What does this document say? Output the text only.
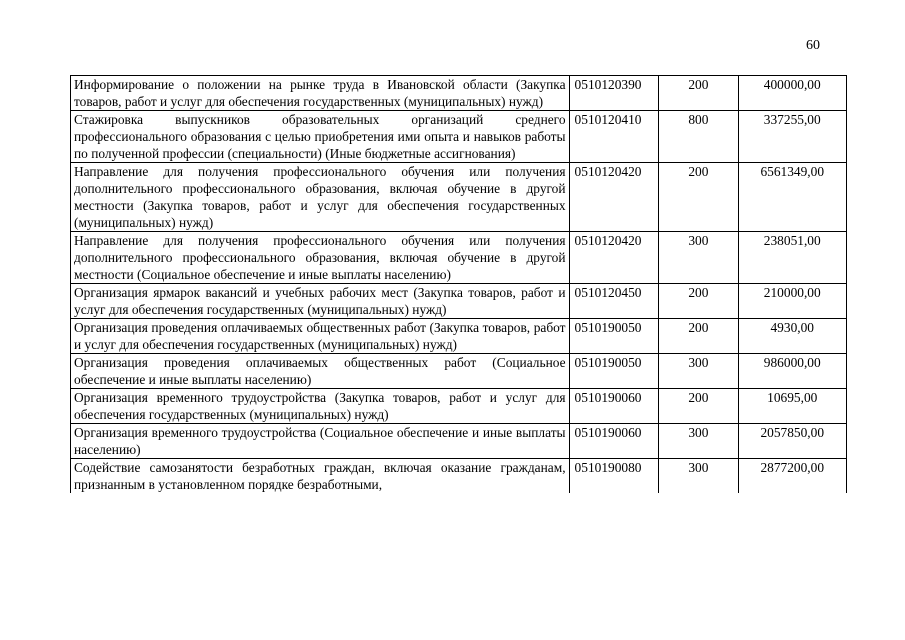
60
Информирование о положении на рынке труда в Ивановской области (Закупка товаров, работ и услуг для обеспечения государственных (муниципальных) нужд)	0510120390	200	400000,00
Стажировка выпускников образовательных организаций среднего профессионального образования с целью приобретения ими опыта и навыков работы по полученной профессии (специальности) (Иные бюджетные ассигнования)	0510120410	800	337255,00
Направление для получения профессионального обучения или получения дополнительного профессионального образования, включая обучение в другой местности (Закупка товаров, работ и услуг для обеспечения государственных (муниципальных) нужд)	0510120420	200	6561349,00
Направление для получения профессионального обучения или получения дополнительного профессионального образования, включая обучение в другой местности (Социальное обеспечение и иные выплаты населению)	0510120420	300	238051,00
Организация ярмарок вакансий и учебных рабочих мест (Закупка товаров, работ и услуг для обеспечения государственных (муниципальных) нужд)	0510120450	200	210000,00
Организация проведения оплачиваемых общественных работ (Закупка товаров, работ и услуг для обеспечения государственных (муниципальных) нужд)	0510190050	200	4930,00
Организация проведения оплачиваемых общественных работ (Социальное обеспечение и иные выплаты населению)	0510190050	300	986000,00
Организация временного трудоустройства (Закупка товаров, работ и услуг для обеспечения государственных (муниципальных) нужд)	0510190060	200	10695,00
Организация временного трудоустройства (Социальное обеспечение и иные выплаты населению)	0510190060	300	2057850,00

Содействие самозанятости безработных граждан, включая оказание гражданам, признанным в установленном порядке безработными,	0510190080	300	2877200,00
